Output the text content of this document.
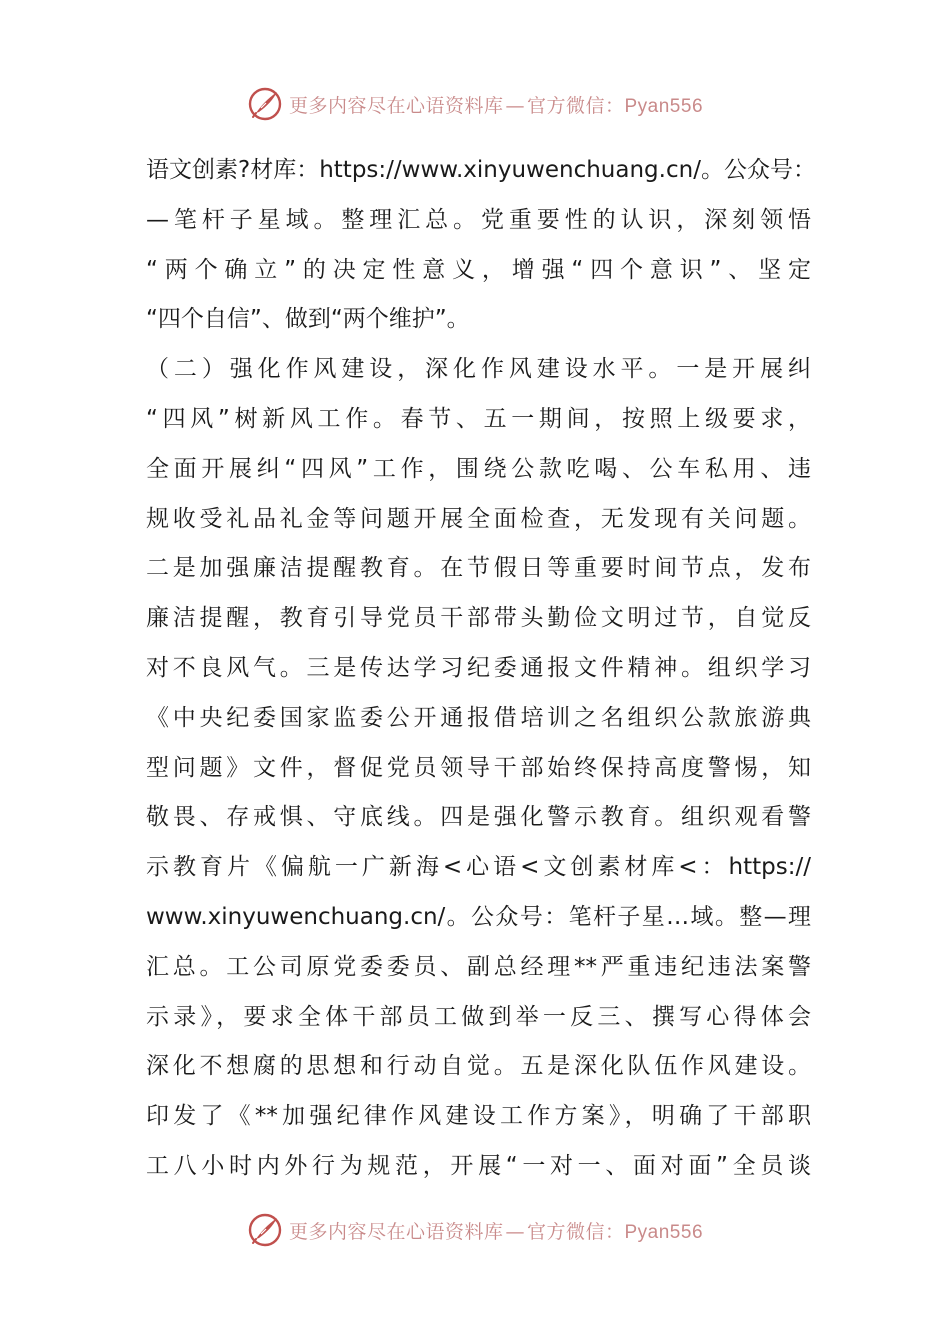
更多内容尽在心语资料库 — 官方微信：Pyan556
语文创素?材库：https://www.xinyuwenchuang.cn/。公众号：
—笔杆子星域。整理汇总。党重要性的认识，深刻领悟
“两个确立”的决定性意义，增强“四个意识”、坚定
“四个自信”、做到“两个维护”。
（二）强化作风建设，深化作风建设水平。一是开展纠
“四风”树新风工作。春节、五一期间，按照上级要求，
全面开展纠“四风”工作，围绕公款吃喝、公车私用、违
规收受礼品礼金等问题开展全面检查，无发现有关问题。
二是加强廉洁提醒教育。在节假日等重要时间节点，发布
廉洁提醒，教育引导党员干部带头勤俭文明过节，自觉反
对不良风气。三是传达学习纪委通报文件精神。组织学习
《中央纪委国家监委公开通报借培训之名组织公款旅游典
型问题》文件，督促党员领导干部始终保持高度警惕，知
敬畏、存戒惧、守底线。四是强化警示教育。组织观看警
示教育片《偏航一广新海<心语<文创素材库<：https://
www.xinyuwenchuang.cn/。公众号：笔杆子星…域。整—理
汇总。工公司原党委委员、副总经理**严重违纪违法案警
示录》，要求全体干部员工做到举一反三、撰写心得体会
深化不想腐的思想和行动自觉。五是深化队伍作风建设。
印发了《**加强纪律作风建设工作方案》，明确了干部职
工八小时内外行为规范，开展“一对一、面对面”全员谈
更多内容尽在心语资料库 — 官方微信：Pyan556
